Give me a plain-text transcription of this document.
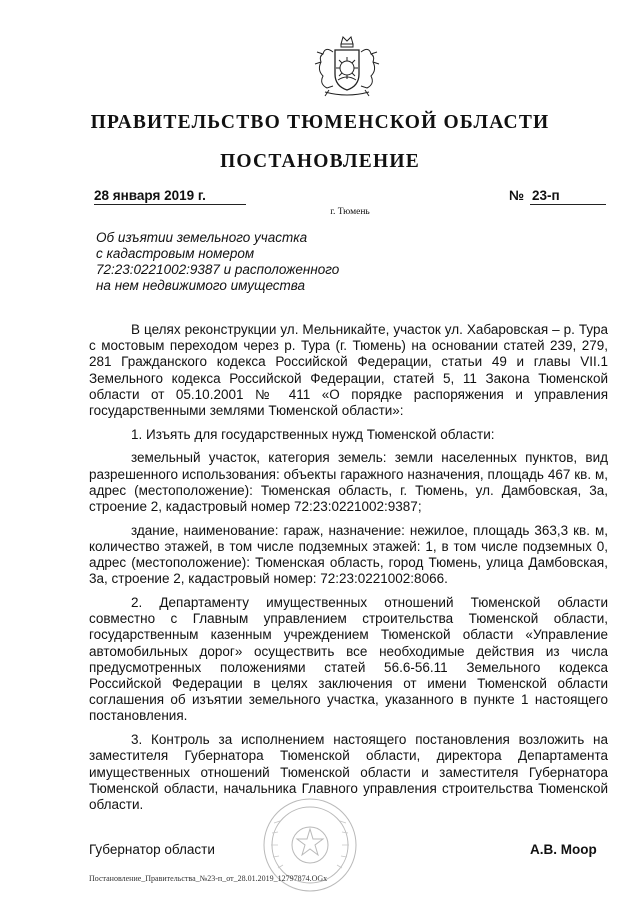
ПРАВИТЕЛЬСТВО ТЮМЕНСКОЙ ОБЛАСТИ
ПОСТАНОВЛЕНИЕ
28 января 2019 г.	№ 23-п
г. Тюмень
Об изъятии земельного участка
с кадастровым номером
72:23:0221002:9387 и расположенного
на нем недвижимого имущества

В целях реконструкции ул. Мельникайте, участок ул. Хабаровская – р. Тура с мостовым переходом через р. Тура (г. Тюмень) на основании статей 239, 279, 281 Гражданского кодекса Российской Федерации, статьи 49 и главы VII.1 Земельного кодекса Российской Федерации, статей 5, 11 Закона Тюменской области от 05.10.2001 № 411 «О порядке распоряжения и управления государственными землями Тюменской области»:

1. Изъять для государственных нужд Тюменской области:

земельный участок, категория земель: земли населенных пунктов, вид разрешенного использования: объекты гаражного назначения, площадь 467 кв. м, адрес (местоположение): Тюменская область, г. Тюмень, ул. Дамбовская, 3а, строение 2, кадастровый номер 72:23:0221002:9387;

здание, наименование: гараж, назначение: нежилое, площадь 363,3 кв. м, количество этажей, в том числе подземных этажей: 1, в том числе подземных 0, адрес (местоположение): Тюменская область, город Тюмень, улица Дамбовская, 3а, строение 2, кадастровый номер: 72:23:0221002:8066.

2. Департаменту имущественных отношений Тюменской области совместно с Главным управлением строительства Тюменской области, государственным казенным учреждением Тюменской области «Управление автомобильных дорог» осуществить все необходимые действия из числа предусмотренных положениями статей 56.6-56.11 Земельного кодекса Российской Федерации в целях заключения от имени Тюменской области соглашения об изъятии земельного участка, указанного в пункте 1 настоящего постановления.

3. Контроль за исполнением настоящего постановления возложить на заместителя Губернатора Тюменской области, директора Департамента имущественных отношений Тюменской области и заместителя Губернатора Тюменской области, начальника Главного управления строительства Тюменской области.

Губернатор области	А.В. Моор
Постановление_Правительства_№23-п_от_28.01.2019_12797874.OGx
